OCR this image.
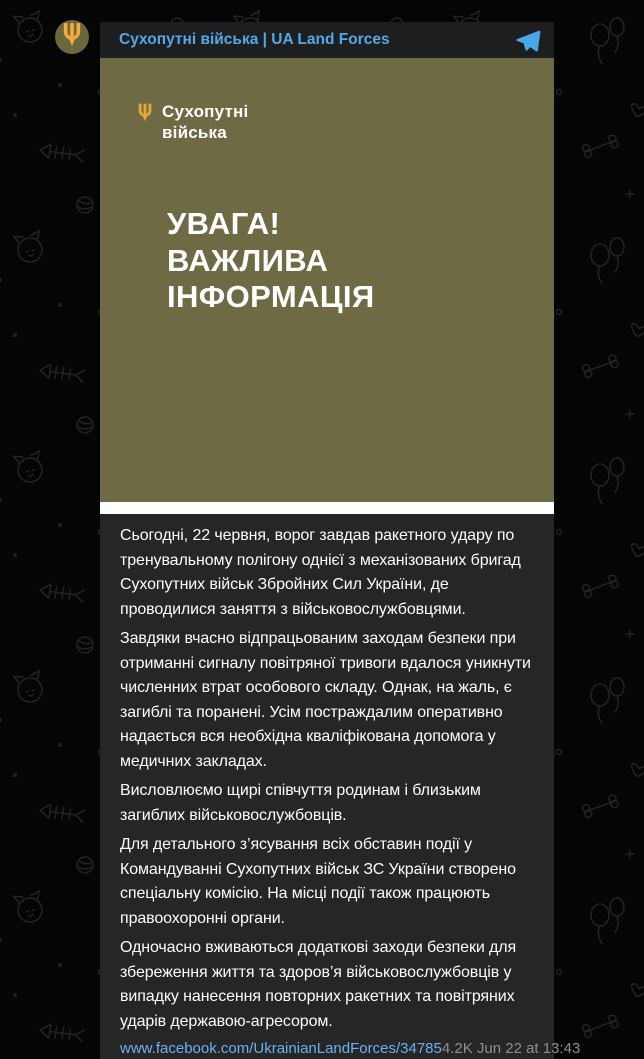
Сухопутні війська | UA Land Forces
Сухопутні
війська
УВАГА!
ВАЖЛИВА
ІНФОРМАЦІЯ

Сьогодні, 22 червня, ворог завдав ракетного удару по тренувальному полігону однієї з механізованих бригад Сухопутних військ Збройних Сил України, де проводилися заняття з військовослужбовцями.

Завдяки вчасно відпрацьованим заходам безпеки при отриманні сигналу повітряної тривоги вдалося уникнути численних втрат особового складу. Однак, на жаль, є загиблі та поранені. Усім постраждалим оперативно надається вся необхідна кваліфікована допомога у медичних закладах.

Висловлюємо щирі співчуття родинам і близьким загиблих військовослужбовців.

Для детального з’ясування всіх обставин події у Командуванні Сухопутних військ ЗС України створено спеціальну комісію. На місці події також працюють правоохоронні органи.

Одночасно вживаються додаткові заходи безпеки для збереження життя та здоров’я військовослужбовців у випадку нанесення повторних ракетних та повітряних ударів державою-агресором.

www.facebook.com/UkrainianLandForces/34785 4.2K Jun 22 at 13:43
